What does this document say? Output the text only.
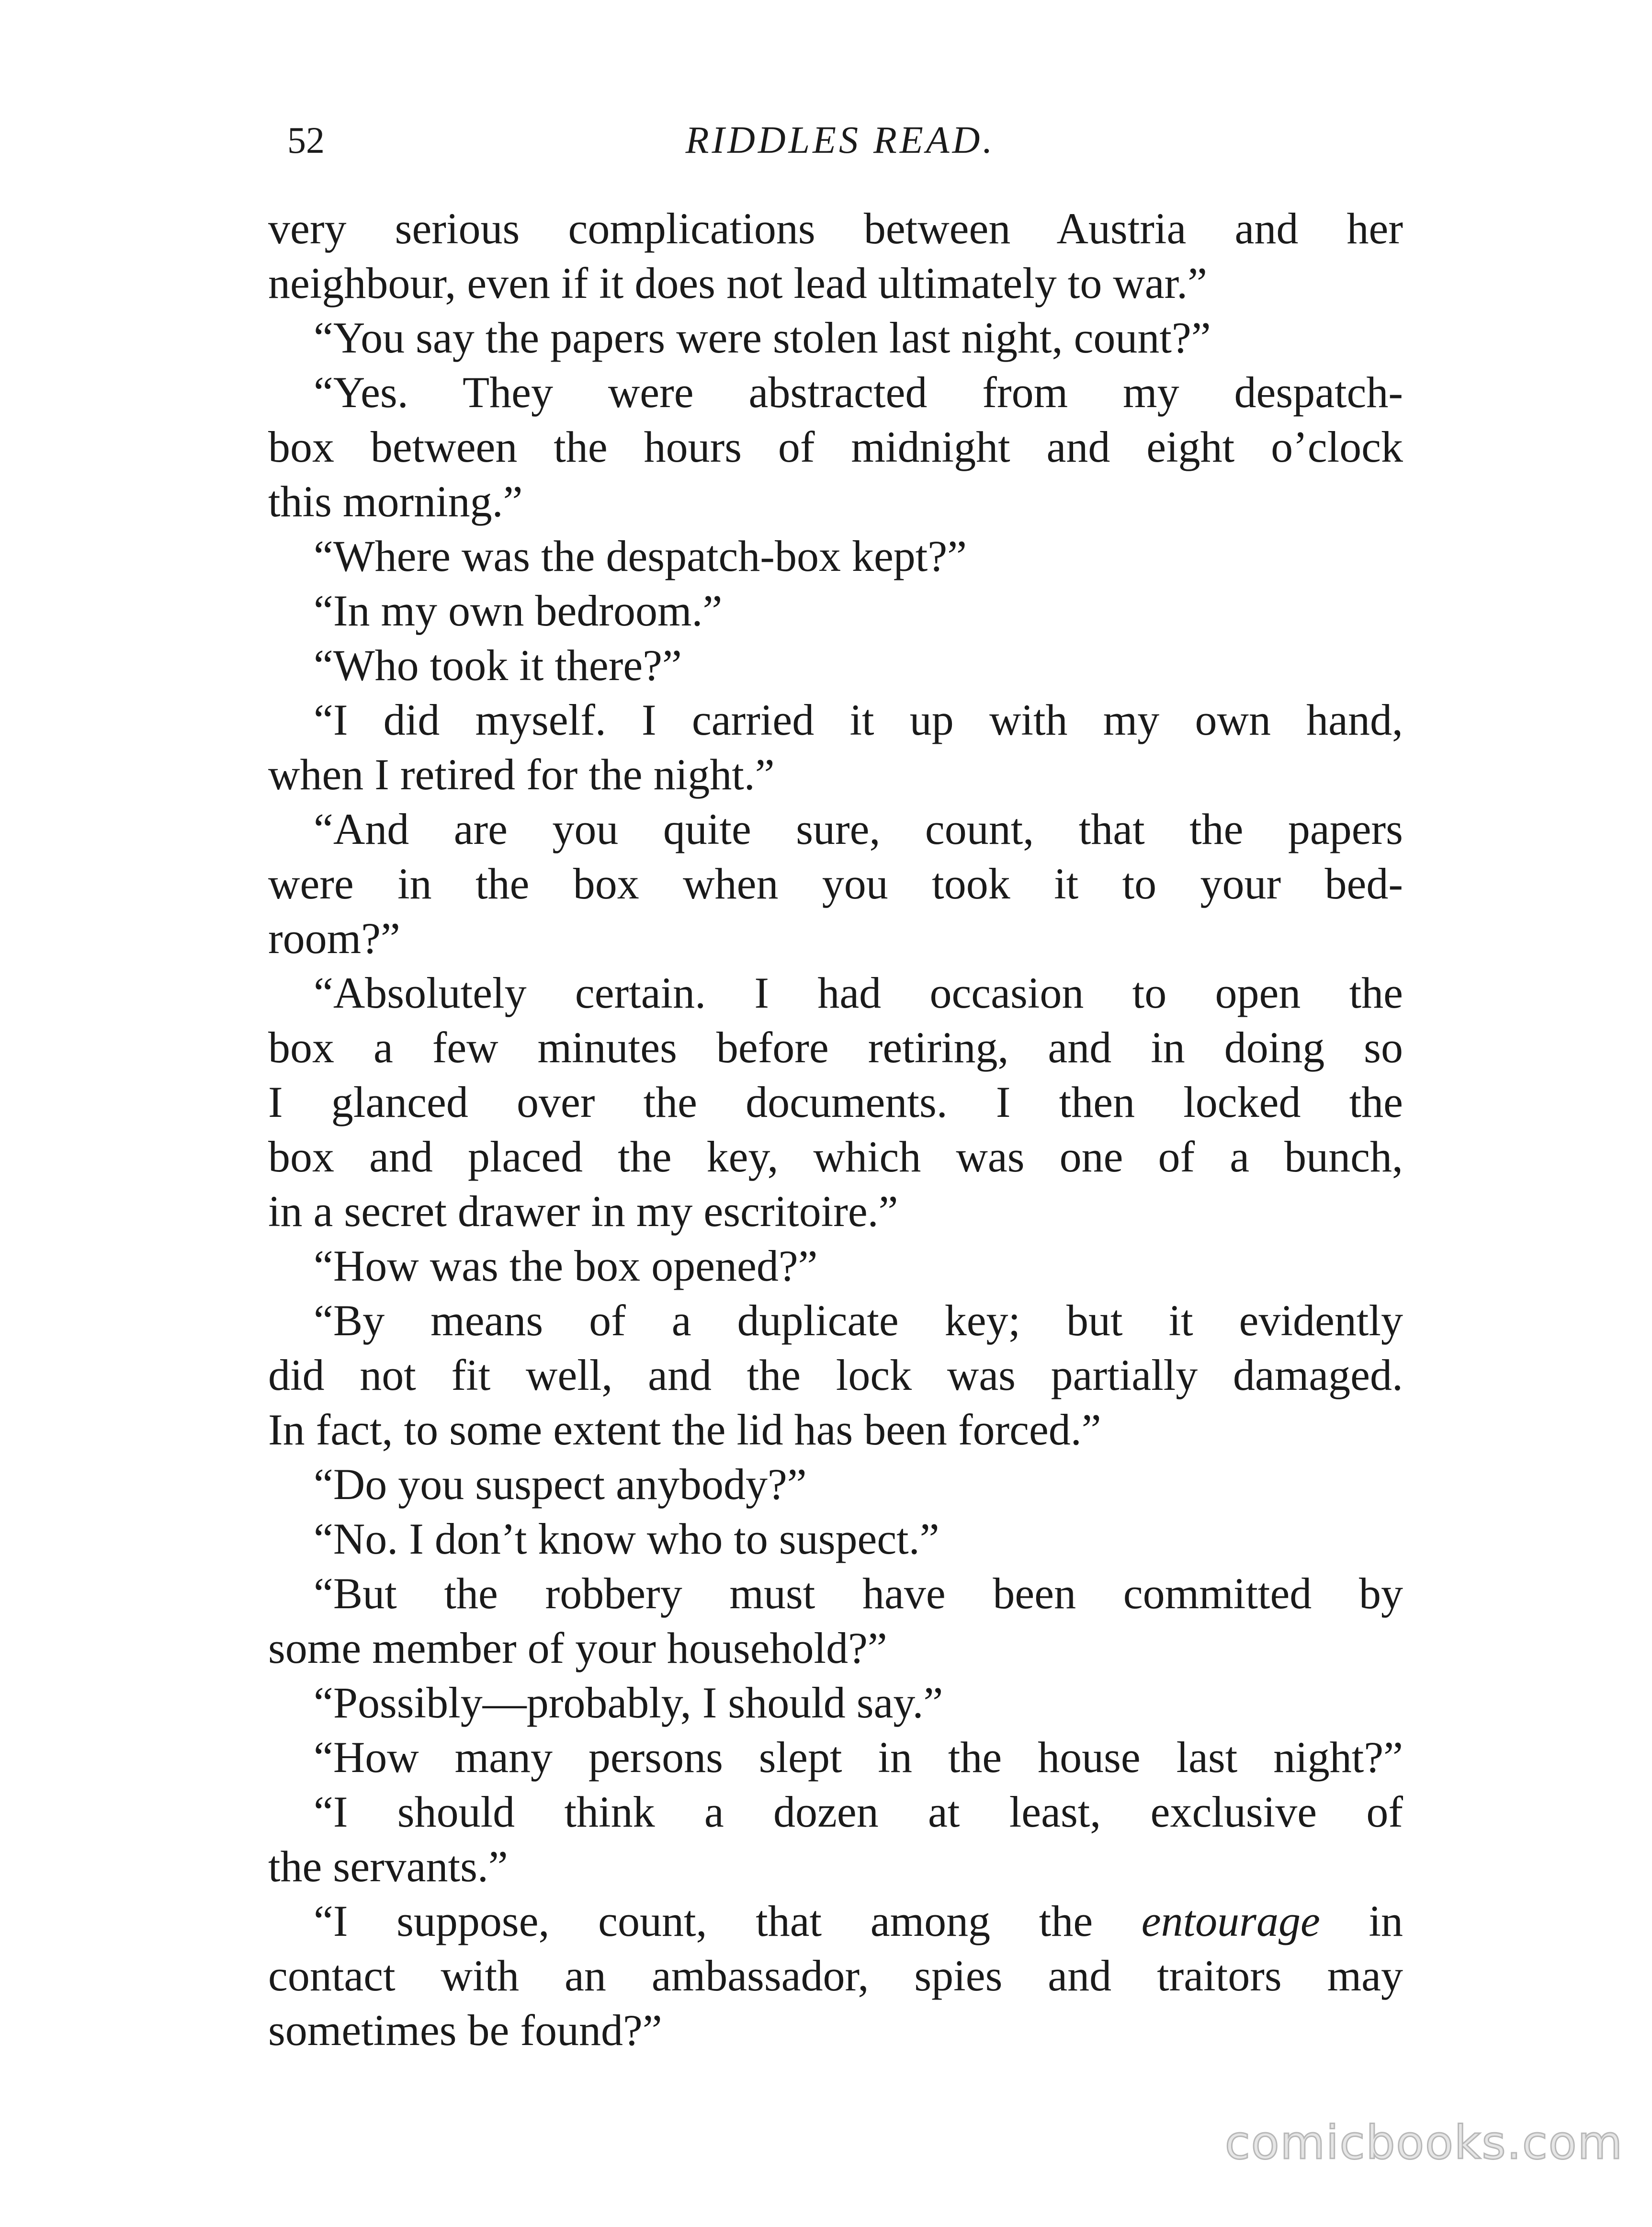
52	RIDDLES READ.
very serious complications between Austria and her
neighbour, even if it does not lead ultimately to war.”
“You say the papers were stolen last night, count?”
“Yes. They were abstracted from my despatch-
box between the hours of midnight and eight o’clock
this morning.”
“Where was the despatch-box kept?”
“In my own bedroom.”
“Who took it there?”
“I did myself. I carried it up with my own hand,
when I retired for the night.”
“And are you quite sure, count, that the papers
were in the box when you took it to your bed-
room?”
“Absolutely certain. I had occasion to open the
box a few minutes before retiring, and in doing so
I glanced over the documents. I then locked the
box and placed the key, which was one of a bunch,
in a secret drawer in my escritoire.”
“How was the box opened?”
“By means of a duplicate key; but it evidently
did not fit well, and the lock was partially damaged.
In fact, to some extent the lid has been forced.”
“Do you suspect anybody?”
“No. I don’t know who to suspect.”
“But the robbery must have been committed by
some member of your household?”
“Possibly—probably, I should say.”
“How many persons slept in the house last night?”
“I should think a dozen at least, exclusive of
the servants.”
“I suppose, count, that among the entourage in
contact with an ambassador, spies and traitors may
sometimes be found?”
comicbooks.com
